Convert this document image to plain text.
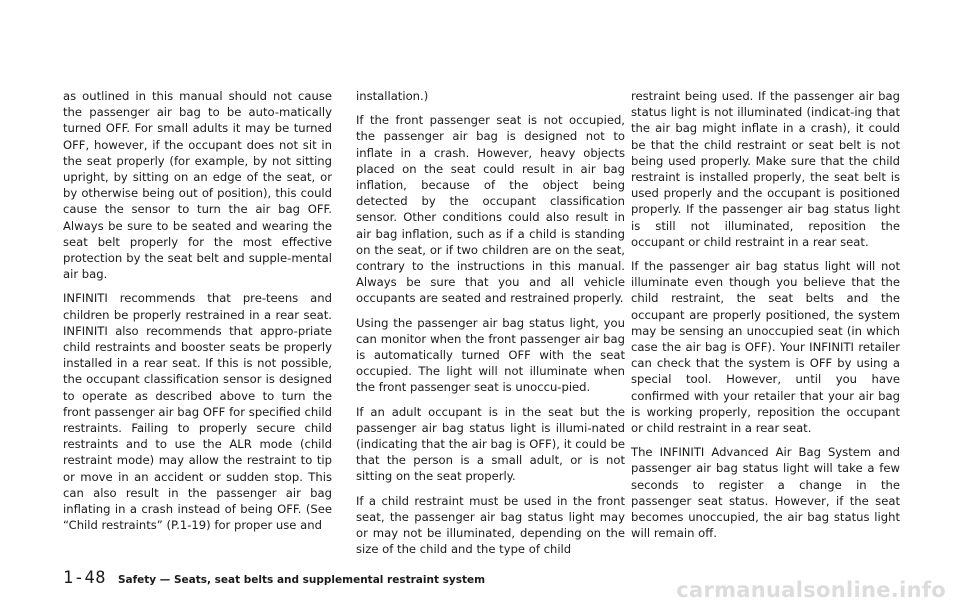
as outlined in this manual should not cause the passenger air bag to be auto-matically turned OFF. For small adults it may be turned OFF, however, if the occupant does not sit in the seat properly (for example, by not sitting upright, by sitting on an edge of the seat, or by otherwise being out of position), this could cause the sensor to turn the air bag OFF. Always be sure to be seated and wearing the seat belt properly for the most effective protection by the seat belt and supple-mental air bag.

INFINITI recommends that pre-teens and children be properly restrained in a rear seat. INFINITI also recommends that appro-priate child restraints and booster seats be properly installed in a rear seat. If this is not possible, the occupant classification sensor is designed to operate as described above to turn the front passenger air bag OFF for specified child restraints. Failing to properly secure child restraints and to use the ALR mode (child restraint mode) may allow the restraint to tip or move in an accident or sudden stop. This can also result in the passenger air bag inflating in a crash instead of being OFF. (See “Child restraints” (P.1-19) for proper use and

installation.)

If the front passenger seat is not occupied, the passenger air bag is designed not to inflate in a crash. However, heavy objects placed on the seat could result in air bag inflation, because of the object being detected by the occupant classification sensor. Other conditions could also result in air bag inflation, such as if a child is standing on the seat, or if two children are on the seat, contrary to the instructions in this manual. Always be sure that you and all vehicle occupants are seated and restrained properly.

Using the passenger air bag status light, you can monitor when the front passenger air bag is automatically turned OFF with the seat occupied. The light will not illuminate when the front passenger seat is unoccu-pied.

If an adult occupant is in the seat but the passenger air bag status light is illumi-nated (indicating that the air bag is OFF), it could be that the person is a small adult, or is not sitting on the seat properly.

If a child restraint must be used in the front seat, the passenger air bag status light may or may not be illuminated, depending on the size of the child and the type of child

restraint being used. If the passenger air bag status light is not illuminated (indicat-ing that the air bag might inflate in a crash), it could be that the child restraint or seat belt is not being used properly. Make sure that the child restraint is installed properly, the seat belt is used properly and the occupant is positioned properly. If the passenger air bag status light is still not illuminated, reposition the occupant or child restraint in a rear seat.

If the passenger air bag status light will not illuminate even though you believe that the child restraint, the seat belts and the occupant are properly positioned, the system may be sensing an unoccupied seat (in which case the air bag is OFF). Your INFINITI retailer can check that the system is OFF by using a special tool. However, until you have confirmed with your retailer that your air bag is working properly, reposition the occupant or child restraint in a rear seat.

The INFINITI Advanced Air Bag System and passenger air bag status light will take a few seconds to register a change in the passenger seat status. However, if the seat becomes unoccupied, the air bag status light will remain off.

1-48 Safety — Seats, seat belts and supplemental restraint system	carmanualsonline.info
